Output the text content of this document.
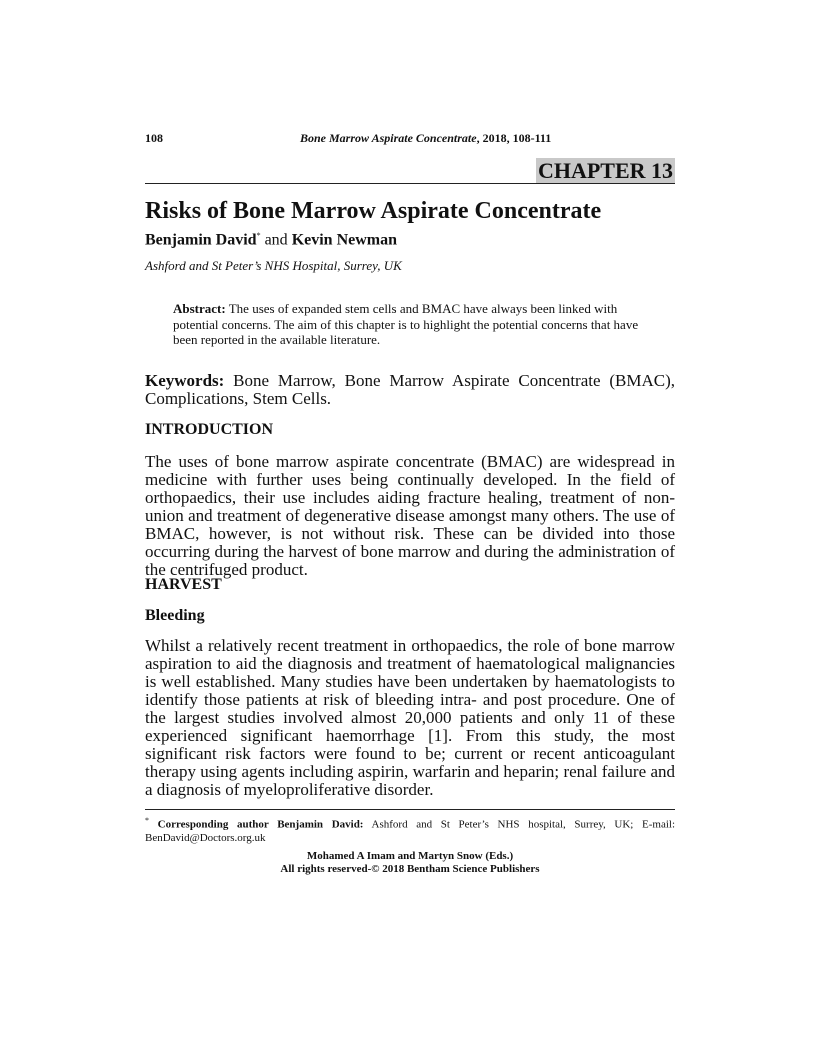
108	Bone Marrow Aspirate Concentrate, 2018, 108-111
CHAPTER 13
Risks of Bone Marrow Aspirate Concentrate
Benjamin David* and Kevin Newman
Ashford and St Peter’s NHS Hospital, Surrey, UK
Abstract: The uses of expanded stem cells and BMAC have always been linked with potential concerns. The aim of this chapter is to highlight the potential concerns that have been reported in the available literature.
Keywords: Bone Marrow, Bone Marrow Aspirate Concentrate (BMAC), Complications, Stem Cells.
INTRODUCTION
The uses of bone marrow aspirate concentrate (BMAC) are widespread in medicine with further uses being continually developed. In the field of orthopaedics, their use includes aiding fracture healing, treatment of non-union and treatment of degenerative disease amongst many others. The use of BMAC, however, is not without risk. These can be divided into those occurring during the harvest of bone marrow and during the administration of the centrifuged product.
HARVEST
Bleeding
Whilst a relatively recent treatment in orthopaedics, the role of bone marrow aspiration to aid the diagnosis and treatment of haematological malignancies is well established. Many studies have been undertaken by haematologists to identify those patients at risk of bleeding intra- and post procedure. One of the largest studies involved almost 20,000 patients and only 11 of these experienced significant haemorrhage [1]. From this study, the most significant risk factors were found to be; current or recent anticoagulant therapy using agents including aspirin, warfarin and heparin; renal failure and a diagnosis of myeloproliferative disorder.
* Corresponding author Benjamin David: Ashford and St Peter’s NHS hospital, Surrey, UK; E-mail: BenDavid@Doctors.org.uk
Mohamed A Imam and Martyn Snow (Eds.)
All rights reserved-© 2018 Bentham Science Publishers
